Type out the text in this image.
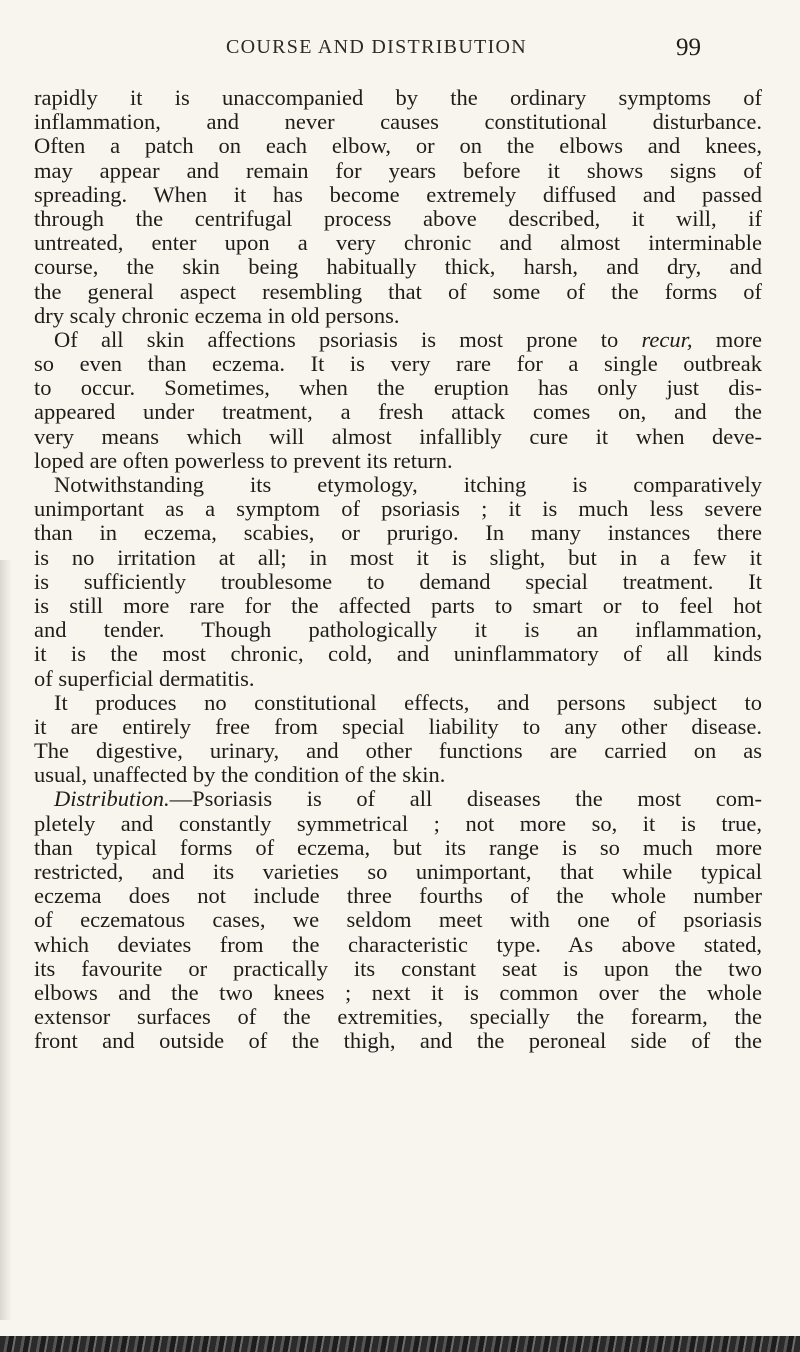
COURSE AND DISTRIBUTION	99
rapidly it is unaccompanied by the ordinary symptoms of
inflammation, and never causes constitutional disturbance.
Often a patch on each elbow, or on the elbows and knees,
may appear and remain for years before it shows signs of
spreading. When it has become extremely diffused and passed
through the centrifugal process above described, it will, if
untreated, enter upon a very chronic and almost interminable
course, the skin being habitually thick, harsh, and dry, and
the general aspect resembling that of some of the forms of
dry scaly chronic eczema in old persons.
Of all skin affections psoriasis is most prone to recur, more
so even than eczema. It is very rare for a single outbreak
to occur. Sometimes, when the eruption has only just dis-
appeared under treatment, a fresh attack comes on, and the
very means which will almost infallibly cure it when deve-
loped are often powerless to prevent its return.
Notwithstanding its etymology, itching is comparatively
unimportant as a symptom of psoriasis ; it is much less severe
than in eczema, scabies, or prurigo. In many instances there
is no irritation at all; in most it is slight, but in a few it
is sufficiently troublesome to demand special treatment. It
is still more rare for the affected parts to smart or to feel hot
and tender. Though pathologically it is an inflammation,
it is the most chronic, cold, and uninflammatory of all kinds
of superficial dermatitis.
It produces no constitutional effects, and persons subject to
it are entirely free from special liability to any other disease.
The digestive, urinary, and other functions are carried on as
usual, unaffected by the condition of the skin.
Distribution.—Psoriasis is of all diseases the most com-
pletely and constantly symmetrical ; not more so, it is true,
than typical forms of eczema, but its range is so much more
restricted, and its varieties so unimportant, that while typical
eczema does not include three fourths of the whole number
of eczematous cases, we seldom meet with one of psoriasis
which deviates from the characteristic type. As above stated,
its favourite or practically its constant seat is upon the two
elbows and the two knees ; next it is common over the whole
extensor surfaces of the extremities, specially the forearm, the
front and outside of the thigh, and the peroneal side of the
